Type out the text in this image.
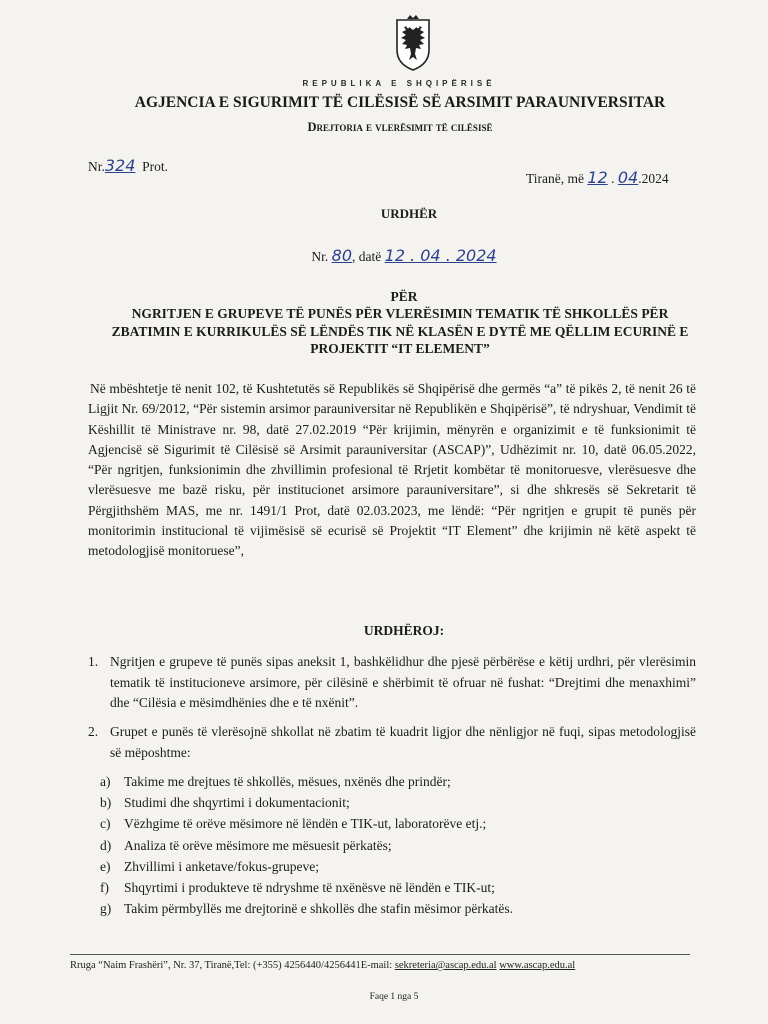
REPUBLIKA E SHQIPËRISË
AGJENCIA E SIGURIMIT TË CILËSISË SË ARSIMIT PARAUNIVERSITAR
Drejtoria e vlerësimit të cilësisë
Nr.324 Prot.
Tiranë, më 12 . 04.2024
URDHËR
Nr. 80, datë 12 . 04 . 2024
PËR
NGRITJEN E GRUPEVE TË PUNËS PËR VLERËSIMIN TEMATIK TË SHKOLLËS PËR ZBATIMIN E KURRIKULËS SË LËNDËS TIK NË KLASËN E DYTË ME QËLLIM ECURINË E PROJEKTIT “IT ELEMENT”
Në mbështetje të nenit 102, të Kushtetutës së Republikës së Shqipërisë dhe germës “a” të pikës 2, të nenit 26 të Ligjit Nr. 69/2012, “Për sistemin arsimor parauniversitar në Republikën e Shqipërisë”, të ndryshuar, Vendimit të Këshillit të Ministrave nr. 98, datë 27.02.2019 “Për krijimin, mënyrën e organizimit e të funksionimit të Agjencisë së Sigurimit të Cilësisë së Arsimit parauniversitar (ASCAP)”, Udhëzimit nr. 10, datë 06.05.2022, “Për ngritjen, funksionimin dhe zhvillimin profesional të Rrjetit kombëtar të monitoruesve, vlerësuesve dhe vlerësuesve me bazë risku, për institucionet arsimore parauniversitare”, si dhe shkresës së Sekretarit të Përgjithshëm MAS, me nr. 1491/1 Prot, datë 02.03.2023, me lëndë: “Për ngritjen e grupit të punës për monitorimin institucional të vijimësisë së ecurisë së Projektit “IT Element” dhe krijimin në këtë aspekt të metodologjisë monitoruese”,
URDHËROJ:
1. Ngritjen e grupeve të punës sipas aneksit 1, bashkëlidhur dhe pjesë përbërëse e këtij urdhri, për vlerësimin tematik të institucioneve arsimore, për cilësinë e shërbimit të ofruar në fushat: “Drejtimi dhe menaxhimi” dhe “Cilësia e mësimdhënies dhe e të nxënit”.
2. Grupet e punës të vlerësojnë shkollat në zbatim të kuadrit ligjor dhe nënligjor në fuqi, sipas metodologjisë së mëposhtme:
a)	Takime me drejtues të shkollës, mësues, nxënës dhe prindër;
b) Studimi dhe shqyrtimi i dokumentacionit;
c)	Vëzhgime të orëve mësimore në lëndën e TIK-ut, laboratorëve etj.;
d) Analiza të orëve mësimore me mësuesit përkatës;
e)	Zhvillimi i anketave/fokus-grupeve;
f)	Shqyrtimi i produkteve të ndryshme të nxënësve në lëndën e TIK-ut;
g) Takim përmbyllës me drejtorinë e shkollës dhe stafin mësimor përkatës.
Rruga “Naim Frashëri”, Nr. 37, Tiranë,Tel: (+355) 4256440/4256441E-mail: sekreteria@ascap.edu.al www.ascap.edu.al
Faqe 1 nga 5
